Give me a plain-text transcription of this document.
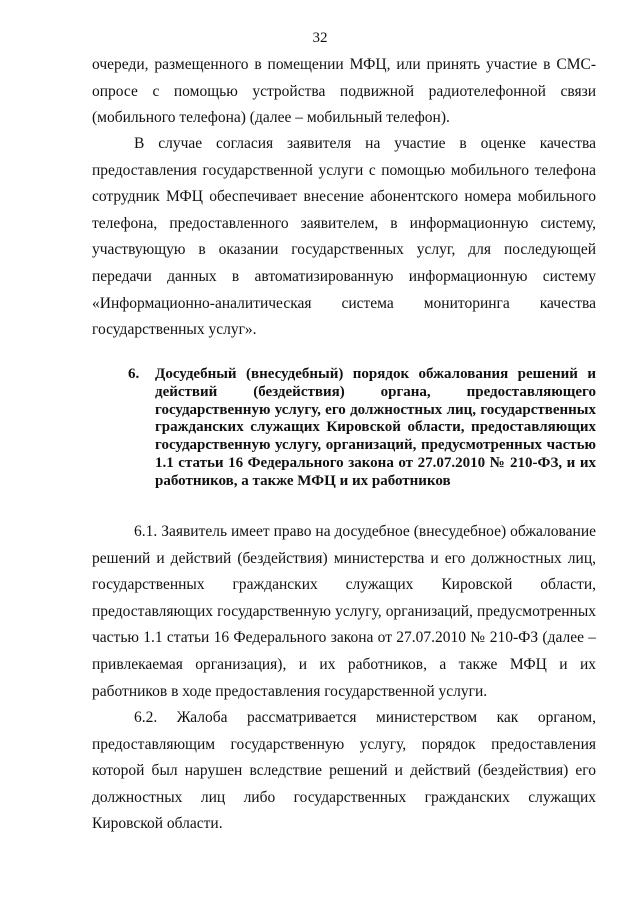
32

очереди, размещенного в помещении МФЦ, или принять участие в СМС-опросе с помощью устройства подвижной радиотелефонной связи (мобильного телефона) (далее – мобильный телефон).

В случае согласия заявителя на участие в оценке качества предоставления государственной услуги с помощью мобильного телефона сотрудник МФЦ обеспечивает внесение абонентского номера мобильного телефона, предоставленного заявителем, в информационную систему, участвующую в оказании государственных услуг, для последующей передачи данных в автоматизированную информационную систему «Информационно-аналитическая система мониторинга качества государственных услуг».

6.	Досудебный (внесудебный) порядок обжалования решений и действий (бездействия) органа, предоставляющего государственную услугу, его должностных лиц, государственных гражданских служащих Кировской области, предоставляющих государственную услугу, организаций, предусмотренных частью 1.1 статьи 16 Федерального закона от 27.07.2010 № 210-ФЗ, и их работников, а также МФЦ и их работников

6.1. Заявитель имеет право на досудебное (внесудебное) обжалование решений и действий (бездействия) министерства и его должностных лиц, государственных гражданских служащих Кировской области, предоставляющих государственную услугу, организаций, предусмотренных частью 1.1 статьи 16 Федерального закона от 27.07.2010 № 210-ФЗ (далее – привлекаемая организация), и их работников, а также МФЦ и их работников в ходе предоставления государственной услуги.

6.2. Жалоба рассматривается министерством как органом, предоставляющим государственную услугу, порядок предоставления которой был нарушен вследствие решений и действий (бездействия) его должностных лиц либо государственных гражданских служащих Кировской области.
